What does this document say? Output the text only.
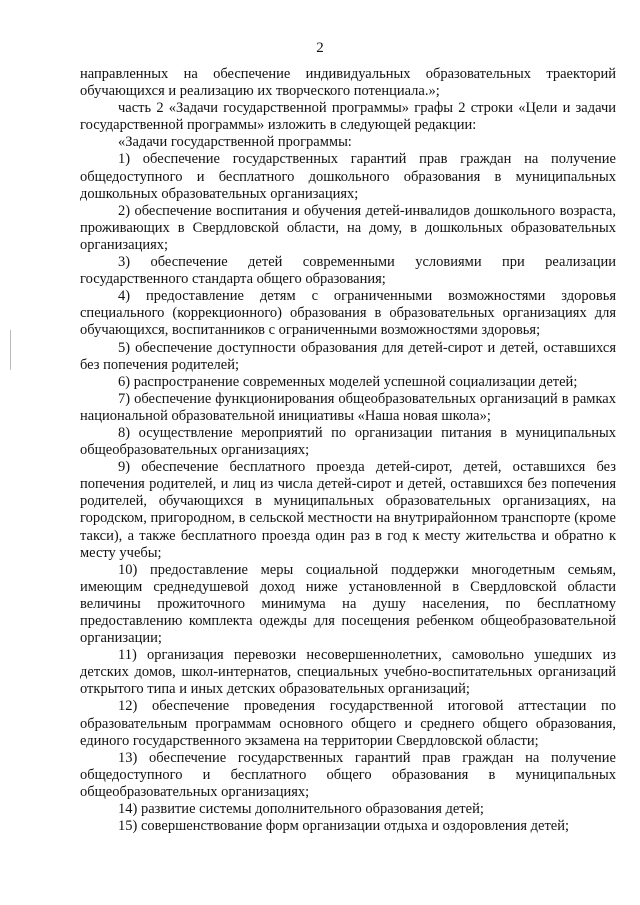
2

направленных на обеспечение индивидуальных образовательных траекторий обучающихся и реализацию их творческого потенциала.»;

часть 2 «Задачи государственной программы» графы 2 строки «Цели и задачи государственной программы» изложить в следующей редакции:

«Задачи государственной программы:

1) обеспечение государственных гарантий прав граждан на получение общедоступного и бесплатного дошкольного образования в муниципальных дошкольных образовательных организациях;

2) обеспечение воспитания и обучения детей-инвалидов дошкольного возраста, проживающих в Свердловской области, на дому, в дошкольных образовательных организациях;

3) обеспечение детей современными условиями при реализации государственного стандарта общего образования;

4) предоставление детям с ограниченными возможностями здоровья специального (коррекционного) образования в образовательных организациях для обучающихся, воспитанников с ограниченными возможностями здоровья;

5) обеспечение доступности образования для детей-сирот и детей, оставшихся без попечения родителей;

6) распространение современных моделей успешной социализации детей;

7) обеспечение функционирования общеобразовательных организаций в рамках национальной образовательной инициативы «Наша новая школа»;

8) осуществление мероприятий по организации питания в муниципальных общеобразовательных организациях;

9) обеспечение бесплатного проезда детей-сирот, детей, оставшихся без попечения родителей, и лиц из числа детей-сирот и детей, оставшихся без попечения родителей, обучающихся в муниципальных образовательных организациях, на городском, пригородном, в сельской местности на внутрирайонном транспорте (кроме такси), а также бесплатного проезда один раз в год к месту жительства и обратно к месту учебы;

10) предоставление меры социальной поддержки многодетным семьям, имеющим среднедушевой доход ниже установленной в Свердловской области величины прожиточного минимума на душу населения, по бесплатному предоставлению комплекта одежды для посещения ребенком общеобразовательной организации;

11) организация перевозки несовершеннолетних, самовольно ушедших из детских домов, школ-интернатов, специальных учебно-воспитательных организаций открытого типа и иных детских образовательных организаций;

12) обеспечение проведения государственной итоговой аттестации по образовательным программам основного общего и среднего общего образования, единого государственного экзамена на территории Свердловской области;

13) обеспечение государственных гарантий прав граждан на получение общедоступного и бесплатного общего образования в муниципальных общеобразовательных организациях;

14) развитие системы дополнительного образования детей;

15) совершенствование форм организации отдыха и оздоровления детей;
